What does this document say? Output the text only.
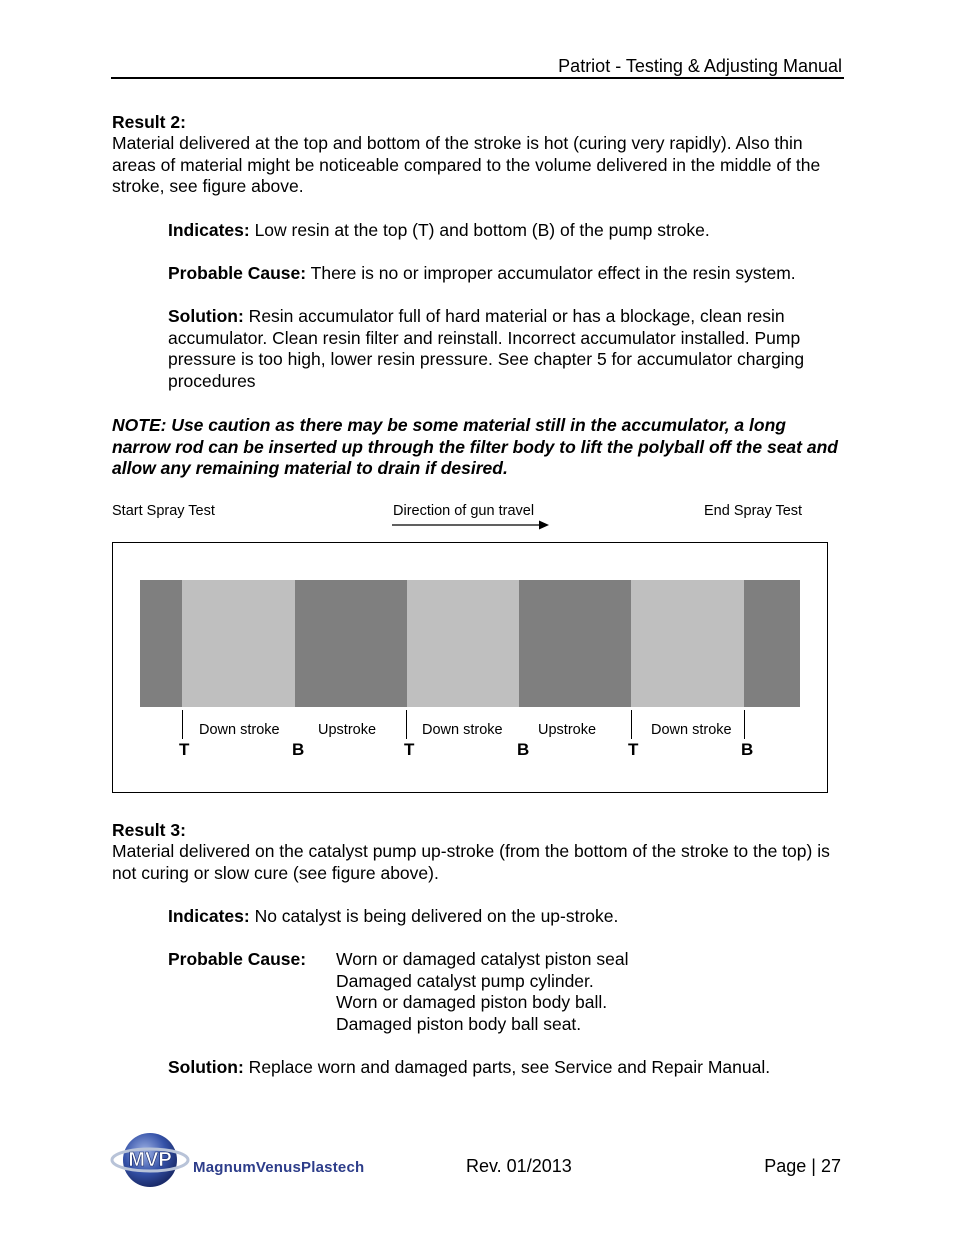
Patriot - Testing & Adjusting Manual
Result 2:
Material delivered at the top and bottom of the stroke is hot (curing very rapidly). Also thin areas of material might be noticeable compared to the volume delivered in the middle of the stroke, see figure above.
Indicates: Low resin at the top (T) and bottom (B) of the pump stroke.
Probable Cause: There is no or improper accumulator effect in the resin system.
Solution: Resin accumulator full of hard material or has a blockage, clean resin accumulator. Clean resin filter and reinstall. Incorrect accumulator installed. Pump pressure is too high, lower resin pressure. See chapter 5 for accumulator charging procedures
NOTE: Use caution as there may be some material still in the accumulator, a long narrow rod can be inserted up through the filter body to lift the polyball off the seat and allow any remaining material to drain if desired.
Start Spray Test	Direction of gun travel	End Spray Test
Down stroke	Upstroke	Down stroke Upstroke	Down stroke
T	B	T	B	T	B
Result 3:
Material delivered on the catalyst pump up-stroke (from the bottom of the stroke to the top) is not curing or slow cure (see figure above).
Indicates: No catalyst is being delivered on the up-stroke.
Probable Cause: Worn or damaged catalyst piston seal
Damaged catalyst pump cylinder.
Worn or damaged piston body ball.
Damaged piston body ball seat.
Solution: Replace worn and damaged parts, see Service and Repair Manual.
MVP MagnumVenusPlastech	Rev. 01/2013	Page | 27
